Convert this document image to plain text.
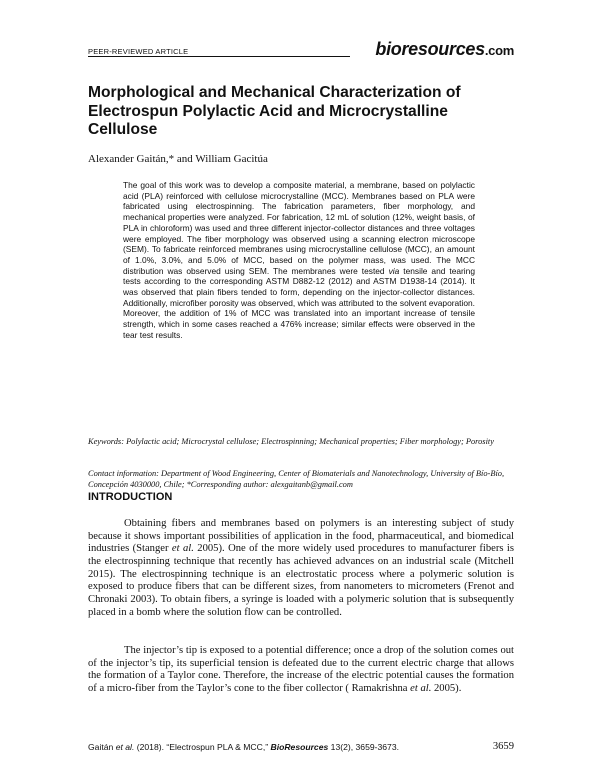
PEER-REVIEWED ARTICLE	bioresources.com
Morphological and Mechanical Characterization of Electrospun Polylactic Acid and Microcrystalline Cellulose

Alexander Gaitán,* and William Gacitúa

The goal of this work was to develop a composite material, a membrane, based on polylactic acid (PLA) reinforced with cellulose microcrystalline (MCC). Membranes based on PLA were fabricated using electrospinning. The fabrication parameters, fiber morphology, and mechanical properties were analyzed. For fabrication, 12 mL of solution (12%, weight basis, of PLA in chloroform) was used and three different injector-collector distances and three voltages were employed. The fiber morphology was observed using a scanning electron microscope (SEM). To fabricate reinforced membranes using microcrystalline cellulose (MCC), an amount of 1.0%, 3.0%, and 5.0% of MCC, based on the polymer mass, was used. The MCC distribution was observed using SEM. The membranes were tested via tensile and tearing tests according to the corresponding ASTM D882-12 (2012) and ASTM D1938-14 (2014). It was observed that plain fibers tended to form, depending on the injector-collector distances. Additionally, microfiber porosity was observed, which was attributed to the solvent evaporation. Moreover, the addition of 1% of MCC was translated into an important increase of tensile strength, which in some cases reached a 476% increase; similar effects were observed in the tear test results.

Keywords: Polylactic acid; Microcrystal cellulose; Electrospinning; Mechanical properties; Fiber morphology; Porosity

Contact information: Department of Wood Engineering, Center of Biomaterials and Nanotechnology, University of Bío-Bío, Concepción 4030000, Chile; *Corresponding author: alexgaitanb@gmail.com

INTRODUCTION

Obtaining fibers and membranes based on polymers is an interesting subject of study because it shows important possibilities of application in the food, pharmaceutical, and biomedical industries (Stanger et al. 2005). One of the more widely used procedures to manufacturer fibers is the electrospinning technique that recently has achieved advances on an industrial scale (Mitchell 2015). The electrospinning technique is an electrostatic process where a polymeric solution is exposed to produce fibers that can be different sizes, from nanometers to micrometers (Frenot and Chronaki 2003). To obtain fibers, a syringe is loaded with a polymeric solution that is subsequently placed in a bomb where the solution flow can be controlled.

The injector’s tip is exposed to a potential difference; once a drop of the solution comes out of the injector’s tip, its superficial tension is defeated due to the current electric charge that allows the formation of a Taylor cone. Therefore, the increase of the electric potential causes the formation of a micro-fiber from the Taylor’s cone to the fiber collector ( Ramakrishna et al. 2005).

Gaitán et al. (2018). “Electrospun PLA & MCC,” BioResources 13(2), 3659-3673.	3659
